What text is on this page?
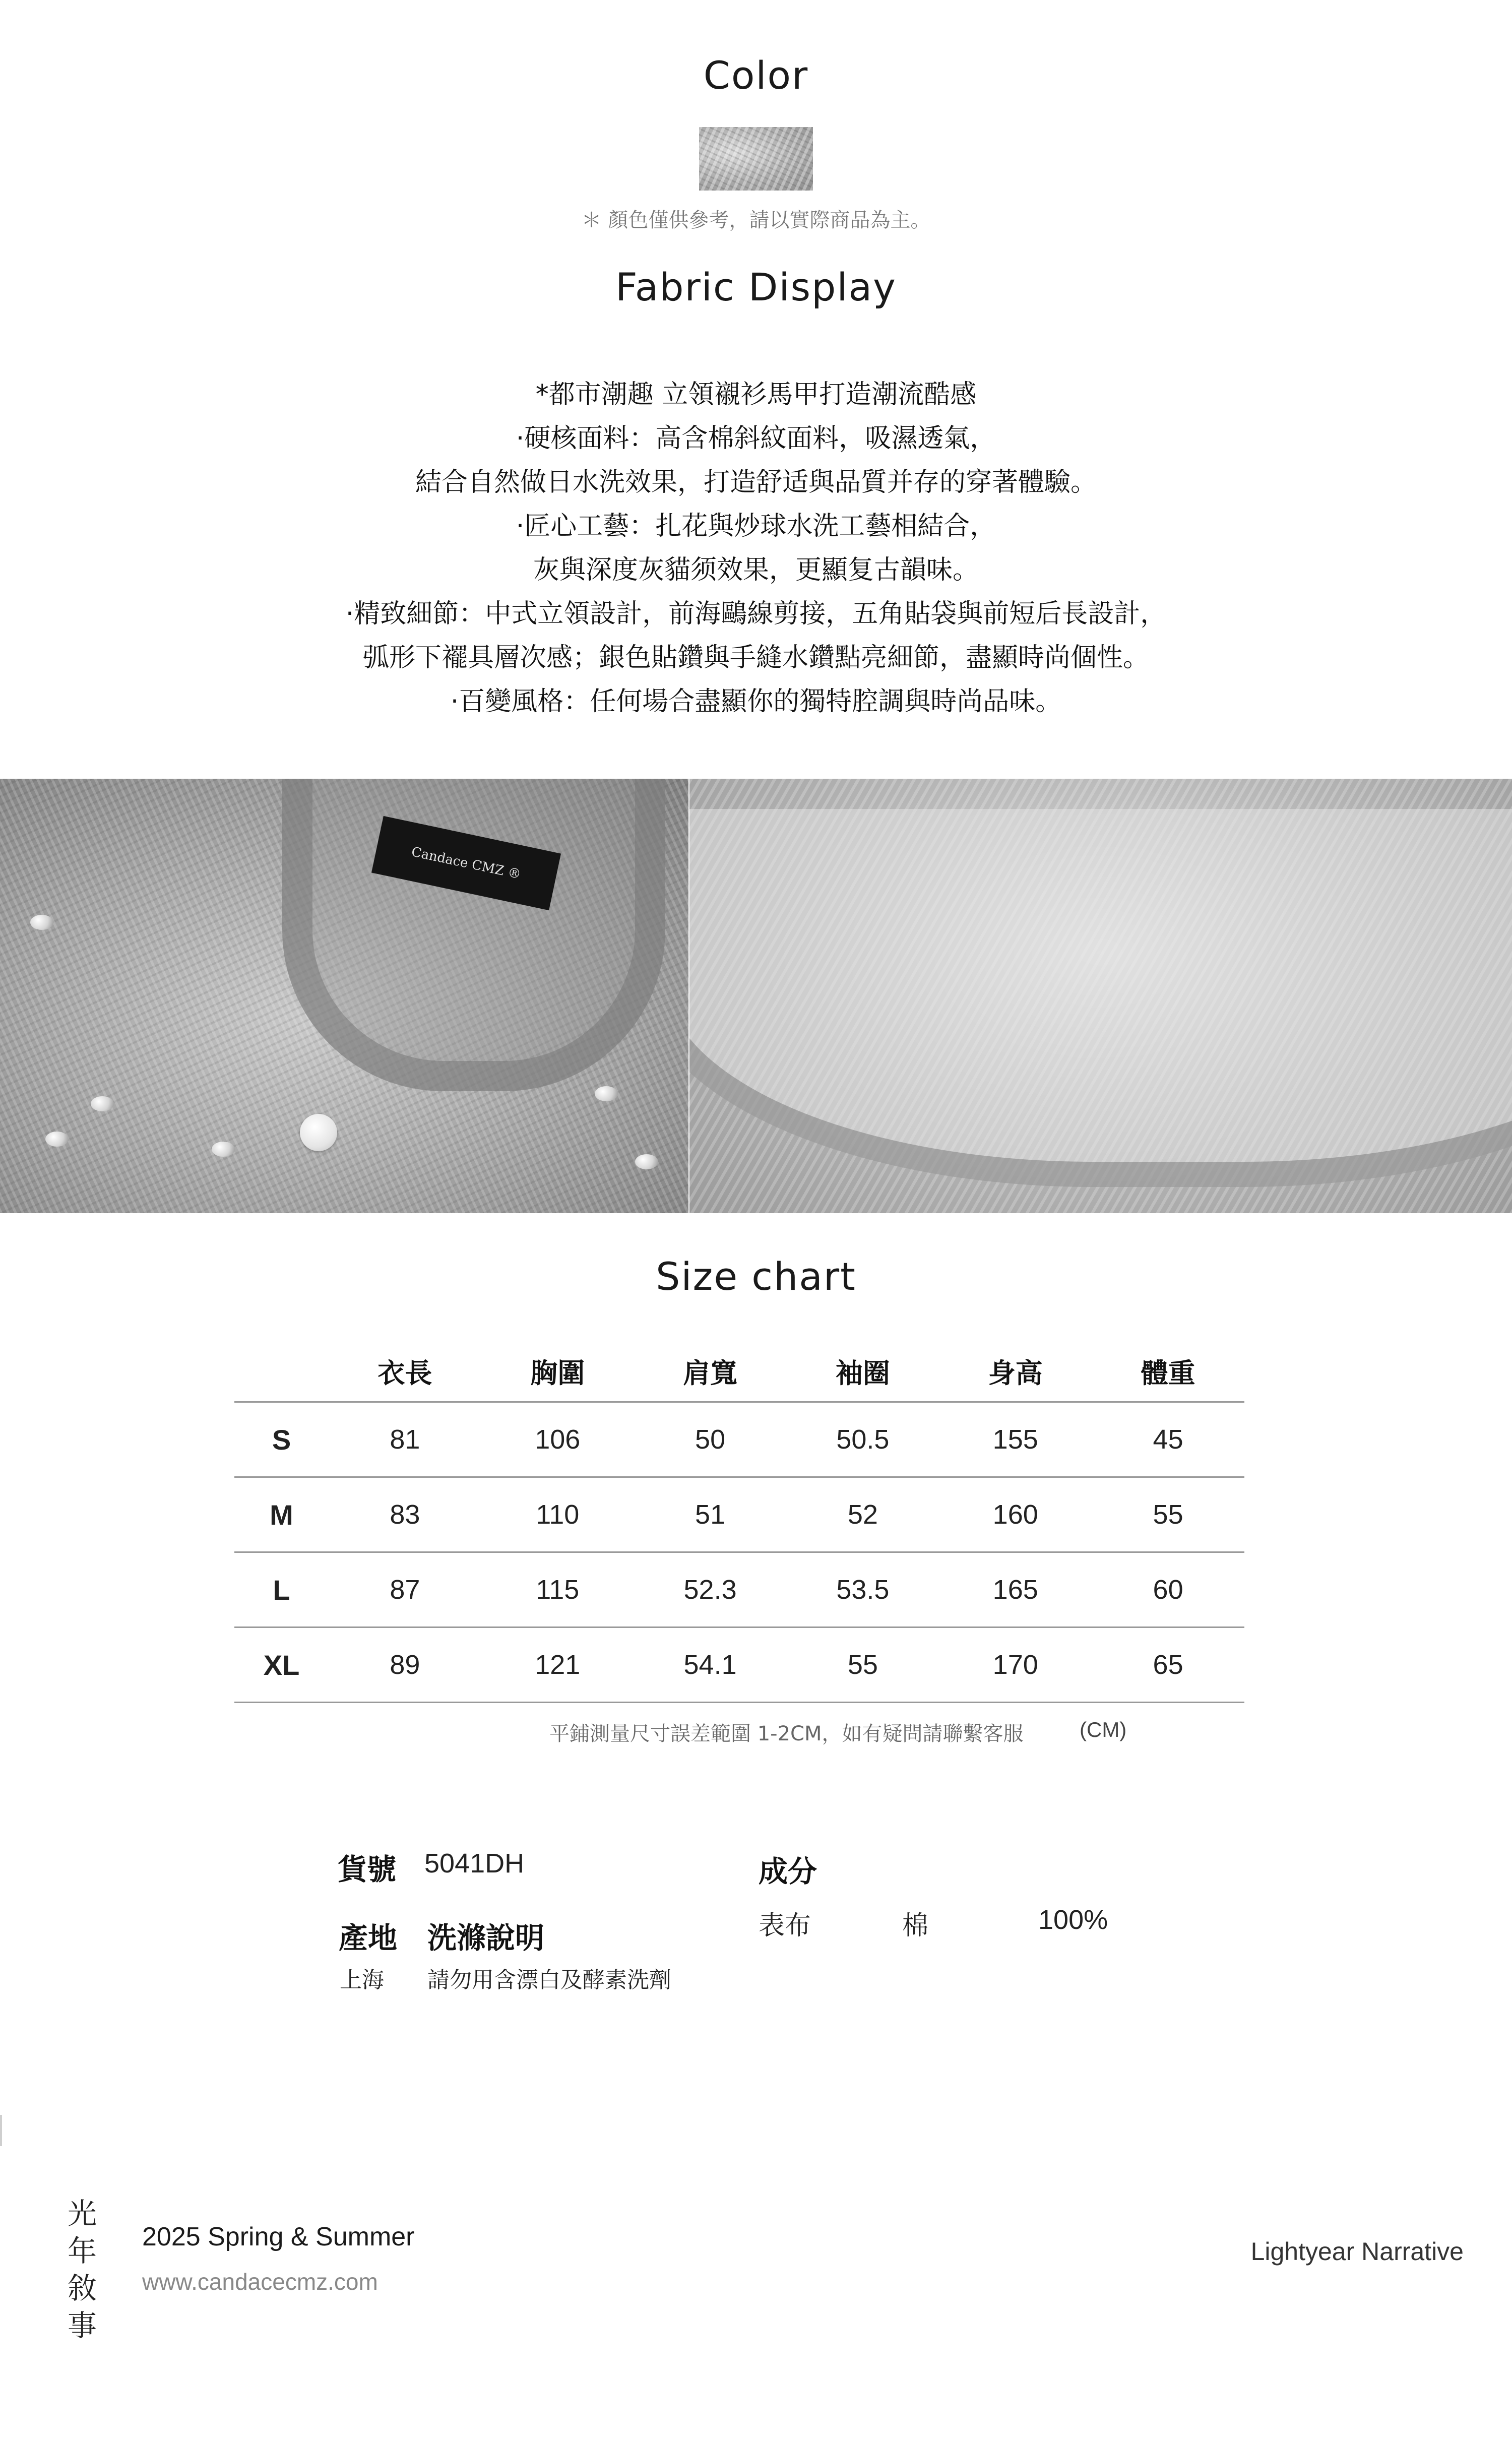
Color
＊ 顏色僅供參考，請以實際商品為主。
Fabric Display
*都市潮趣 立領襯衫馬甲打造潮流酷感
·硬核面料：高含棉斜紋面料，吸濕透氣，
結合自然做日水洗效果，打造舒适與品質并存的穿著體驗。
·匠心工藝：扎花與炒球水洗工藝相結合，
灰與深度灰貓须效果，更顯复古韻味。
·精致細節：中式立領設計，前海鷗線剪接，五角貼袋與前短后長設計，
弧形下襬具層次感；銀色貼鑽與手縫水鑽點亮細節，盡顯時尚個性。
·百變風格：任何場合盡顯你的獨特腔調與時尚品味。
Candace CMZ ®
Size chart
	衣長	胸圍	肩寬	袖圈	身高	體重
S	81	106	50	50.5	155	45
M	83	110	51	52	160	55
L	87	115	52.3	53.5	165	60
XL	89	121	54.1	55	170	65
平鋪測量尺寸誤差範圍 1-2CM，如有疑問請聯繫客服	(CM)
貨號 5041DH
產地 洗滌說明
上海 請勿用含漂白及酵素洗劑
成分
表布	棉	100%
光
年
敘
事
2025 Spring & Summer
www.candacecmz.com
Lightyear Narrative
